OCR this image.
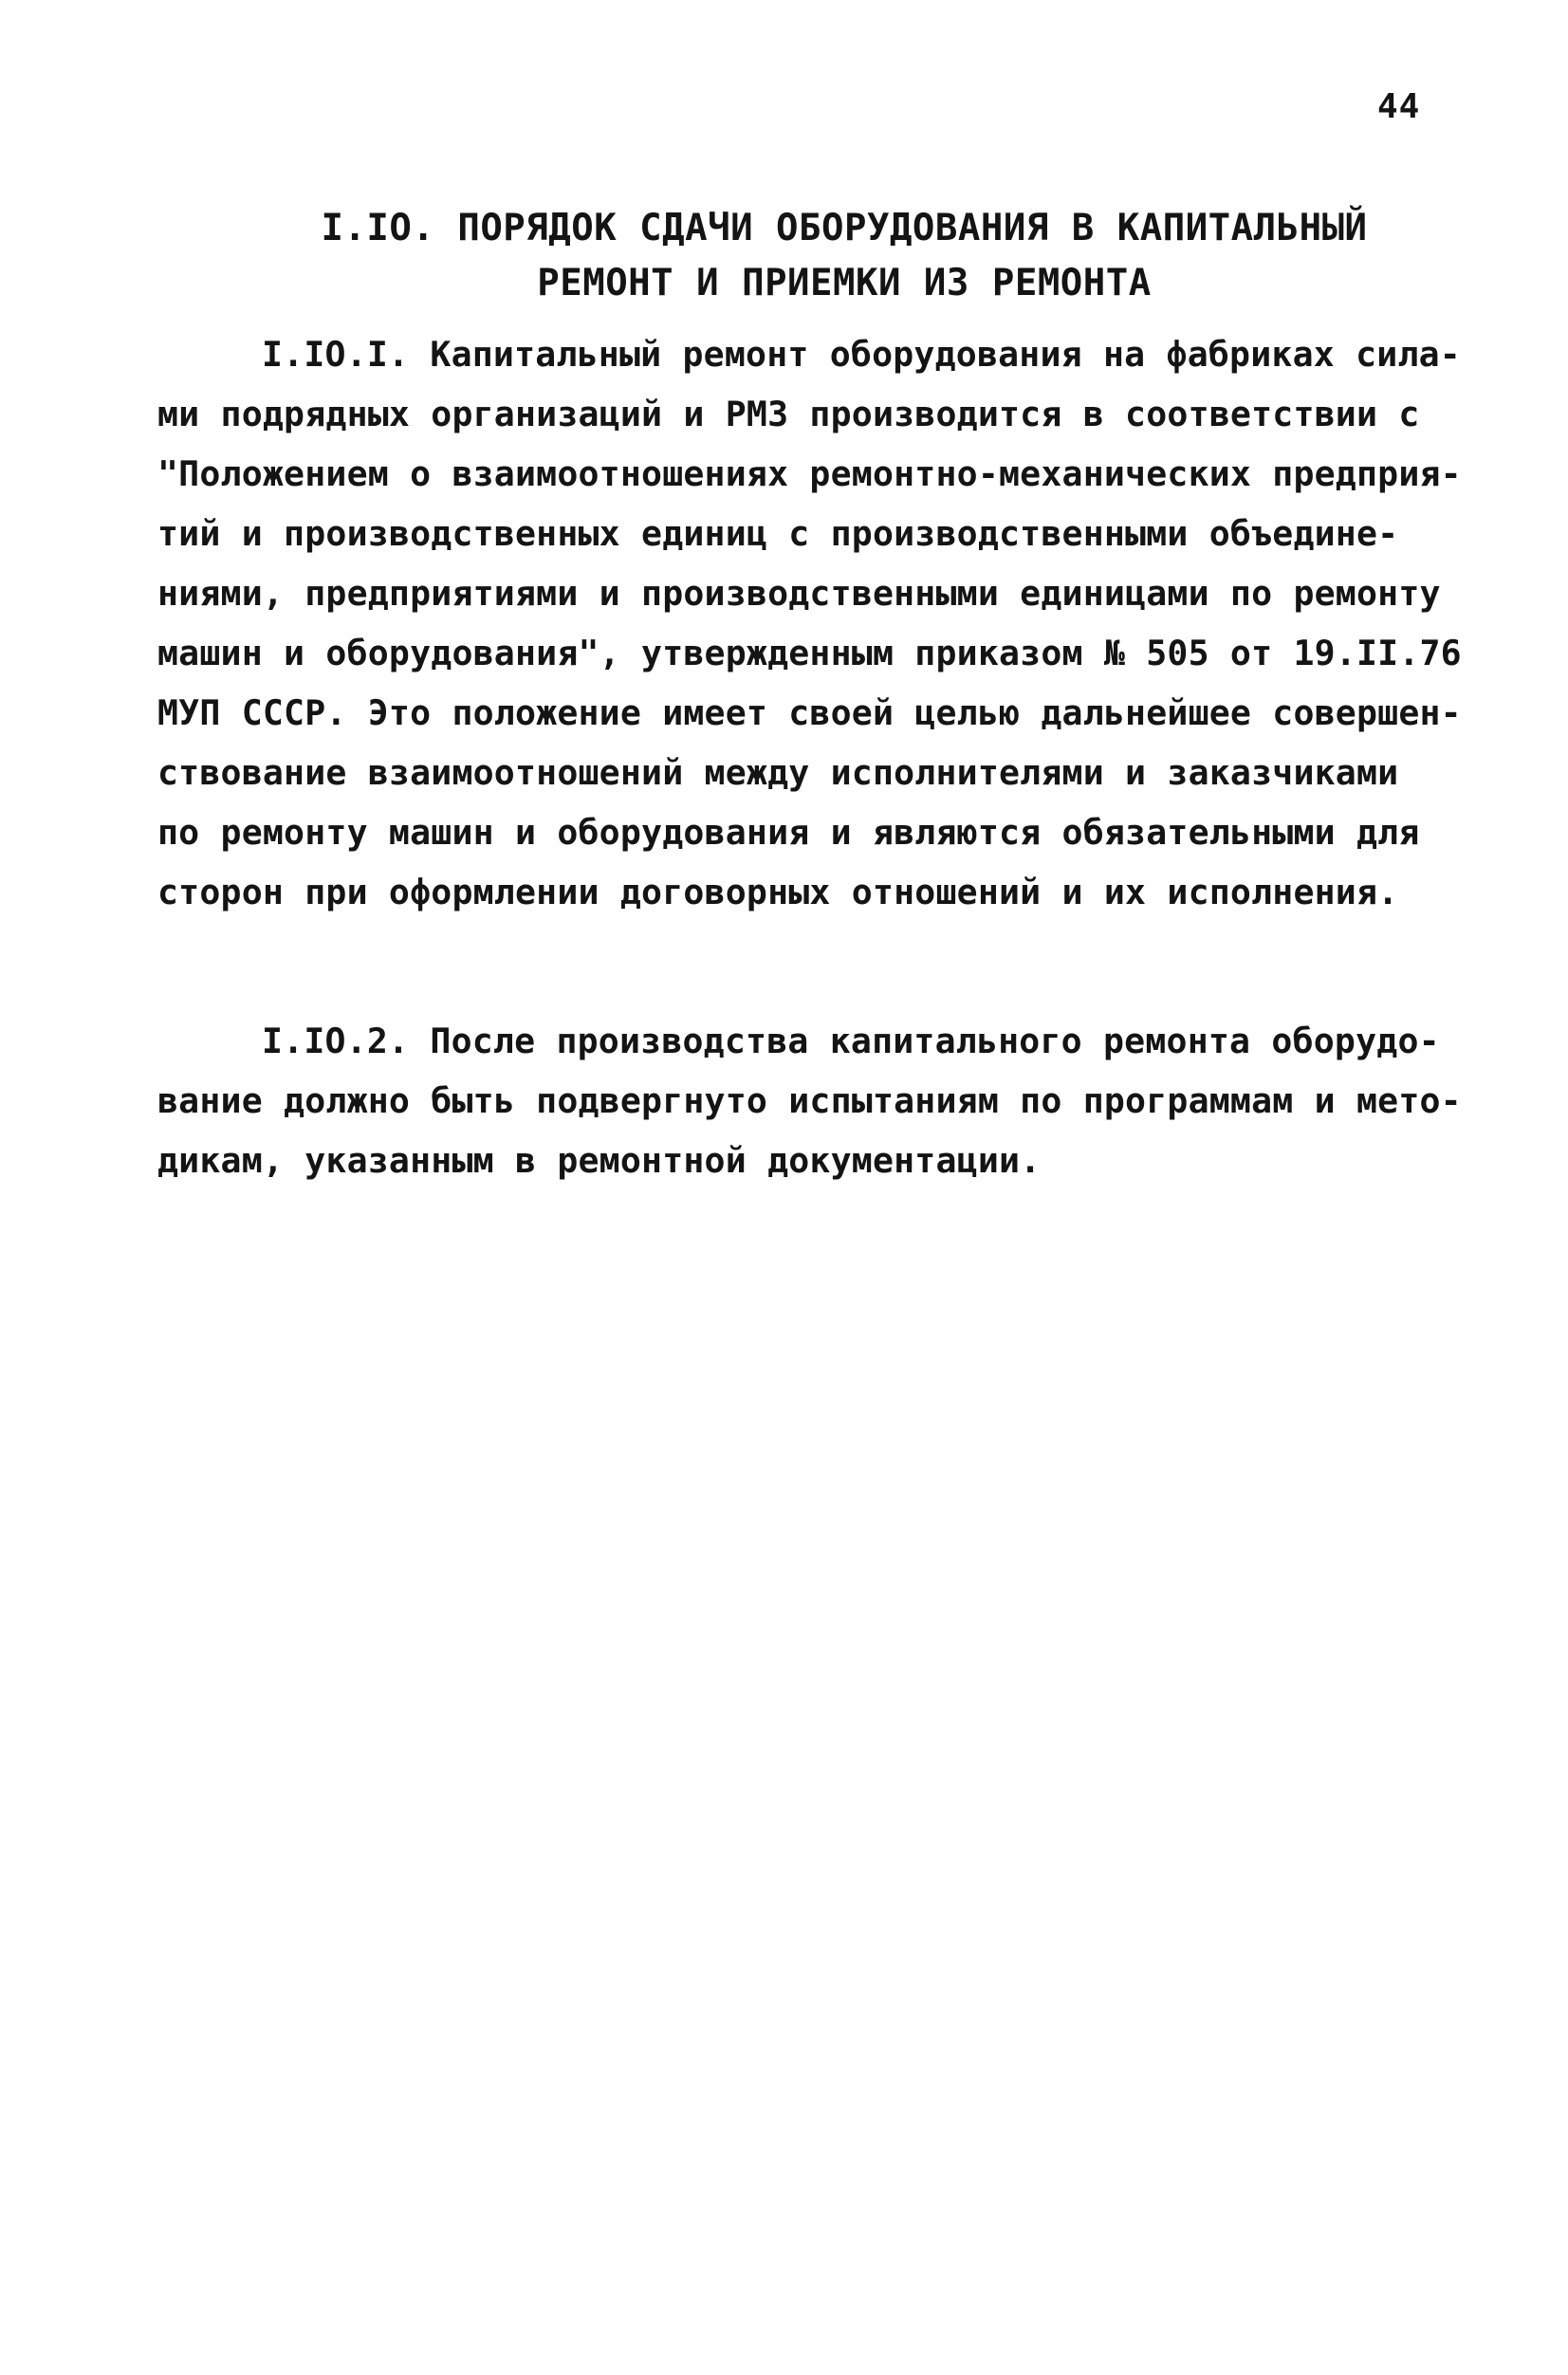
44
I.IO. ПОРЯДОК СДАЧИ ОБОРУДОВАНИЯ В КАПИТАЛЬНЫЙ
РЕМОНТ И ПРИЕМКИ ИЗ РЕМОНТА
I.IO.I. Капитальный ремонт оборудования на фабриках сила-
ми подрядных организаций и РМЗ производится в соответствии с
"Положением о взаимоотношениях ремонтно-механических предприя-
тий и производственных единиц с производственными объедине-
ниями, предприятиями и производственными единицами по ремонту
машин и оборудования", утвержденным приказом № 505 от 19.II.76
МУП СССР. Это положение имеет своей целью дальнейшее совершен-
ствование взаимоотношений между исполнителями и заказчиками
по ремонту машин и оборудования и являются обязательными для
сторон при оформлении договорных отношений и их исполнения.
I.IO.2. После производства капитального ремонта оборудо-
вание должно быть подвергнуто испытаниям по программам и мето-
дикам, указанным в ремонтной документации.
